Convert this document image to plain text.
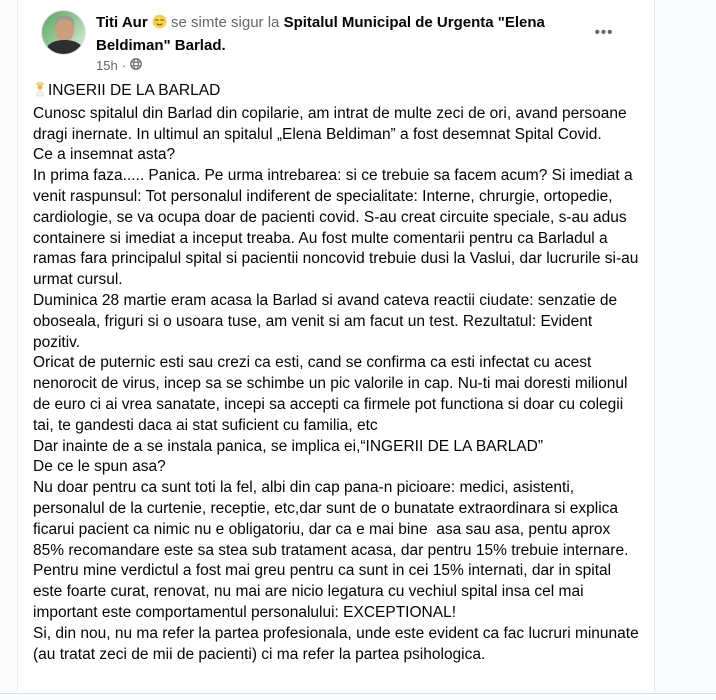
Titi Aur se simte sigur la Spitalul Municipal de Urgenta "Elena Beldiman" Barlad.
15h ·
•••

INGERII DE LA BARLAD

Cunosc spitalul din Barlad din copilarie, am intrat de multe zeci de ori, avand persoane dragi inernate. In ultimul an spitalul „Elena Beldiman” a fost desemnat Spital Covid.

Ce a insemnat asta?

In prima faza..... Panica. Pe urma intrebarea: si ce trebuie sa facem acum? Si imediat a venit raspunsul: Tot personalul indiferent de specialitate: Interne, chrurgie, ortopedie, cardiologie, se va ocupa doar de pacienti covid. S-au creat circuite speciale, s-au adus containere si imediat a inceput treaba. Au fost multe comentarii pentru ca Barladul a ramas fara principalul spital si pacientii noncovid trebuie dusi la Vaslui, dar lucrurile si-au urmat cursul.

Duminica 28 martie eram acasa la Barlad si avand cateva reactii ciudate: senzatie de oboseala, friguri si o usoara tuse, am venit si am facut un test. Rezultatul: Evident pozitiv.

Oricat de puternic esti sau crezi ca esti, cand se confirma ca esti infectat cu acest nenorocit de virus, incep sa se schimbe un pic valorile in cap. Nu-ti mai doresti milionul de euro ci ai vrea sanatate, incepi sa accepti ca firmele pot functiona si doar cu colegii tai, te gandesti daca ai stat suficient cu familia, etc

Dar inainte de a se instala panica, se implica ei,“INGERII DE LA BARLAD”

De ce le spun asa?

Nu doar pentru ca sunt toti la fel, albi din cap pana-n picioare: medici, asistenti, personalul de la curtenie, receptie, etc,dar sunt de o bunatate extraordinara si explica ficarui pacient ca nimic nu e obligatoriu, dar ca e mai bine  asa sau asa, pentu aprox 85% recomandare este sa stea sub tratament acasa, dar pentru 15% trebuie internare.

Pentru mine verdictul a fost mai greu pentru ca sunt in cei 15% internati, dar in spital este foarte curat, renovat, nu mai are nicio legatura cu vechiul spital insa cel mai important este comportamentul personalului: EXCEPTIONAL!

Si, din nou, nu ma refer la partea profesionala, unde este evident ca fac lucruri minunate (au tratat zeci de mii de pacienti) ci ma refer la partea psihologica.
